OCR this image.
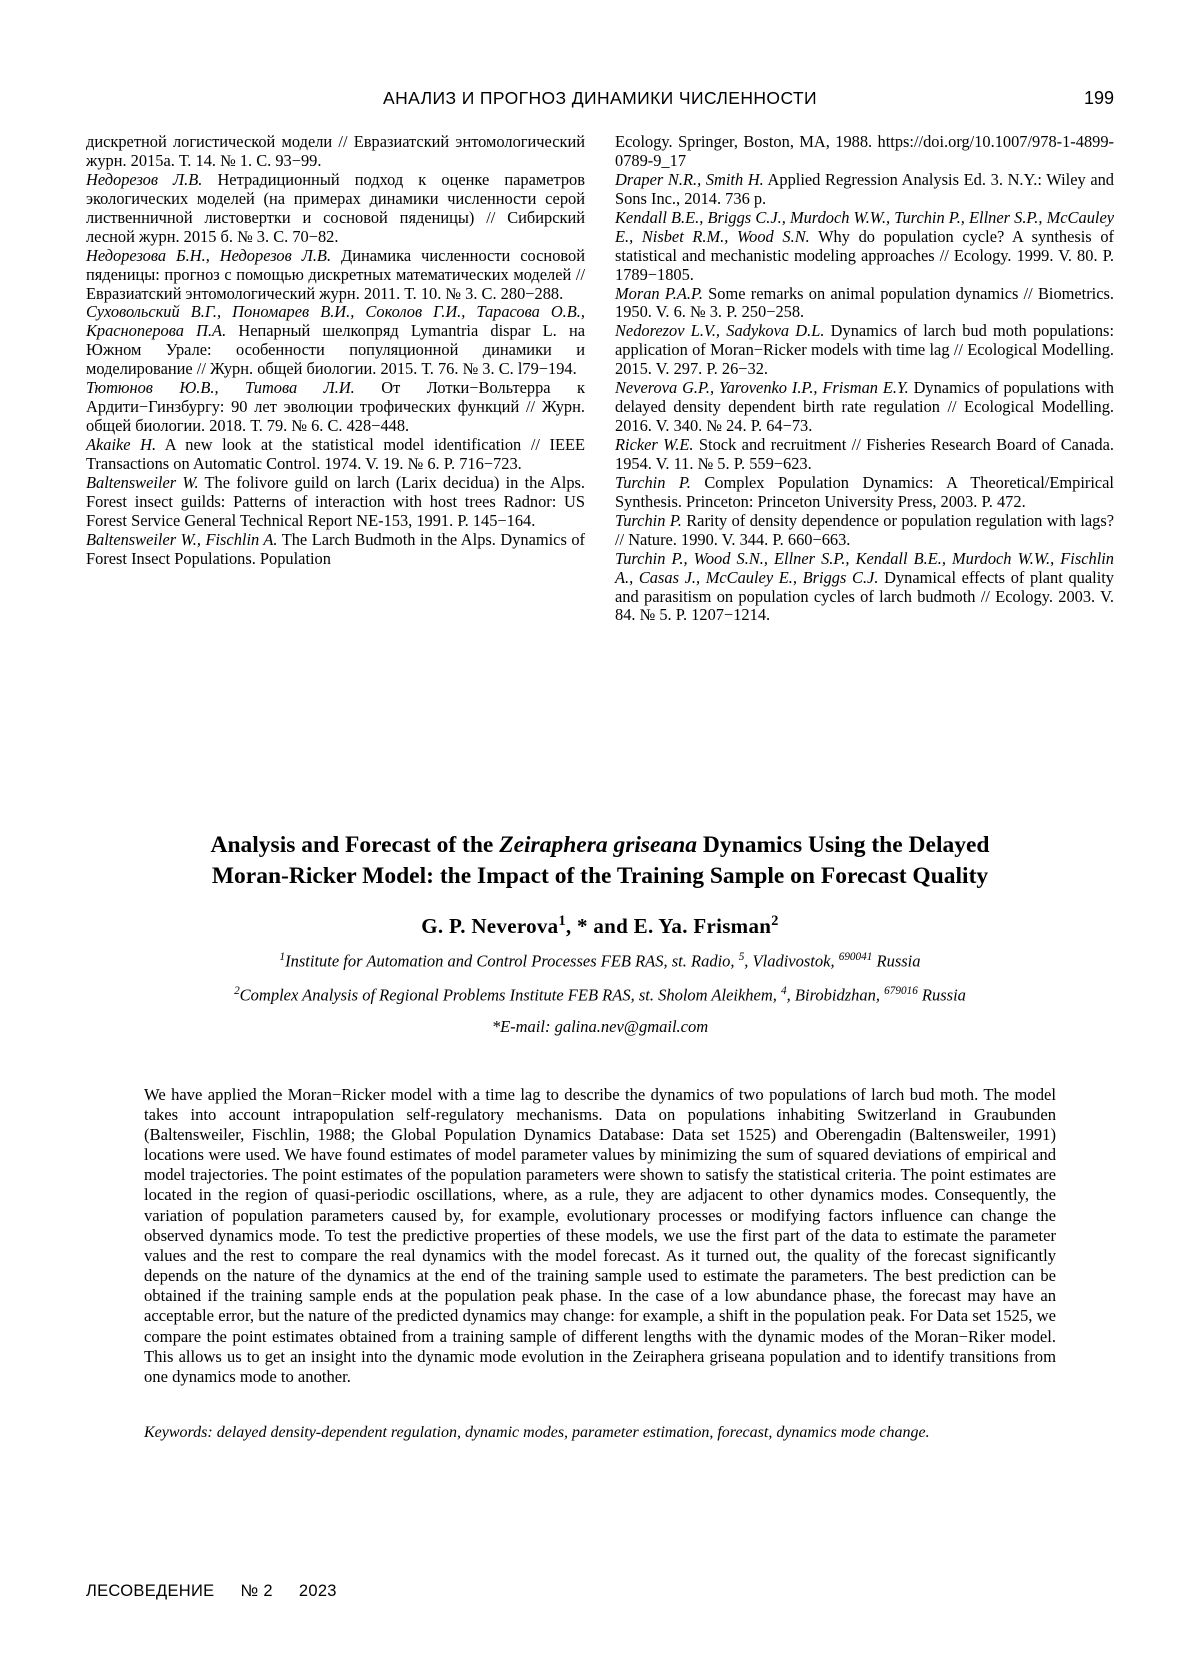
АНАЛИЗ И ПРОГНОЗ ДИНАМИКИ ЧИСЛЕННОСТИ	199

дискретной логистической модели // Евразиатский энтомологический журн. 2015а. Т. 14. № 1. С. 93−99.

Недорезов Л.В. Нетрадиционный подход к оценке параметров экологических моделей (на примерах динамики численности серой лиственничной листовертки и сосновой пяденицы) // Сибирский лесной журн. 2015 б. № 3. С. 70−82.

Недорезова Б.Н., Недорезов Л.В. Динамика численности сосновой пяденицы: прогноз с помощью дискретных математических моделей // Евразиатский энтомологический журн. 2011. Т. 10. № 3. С. 280−288.

Суховольский В.Г., Пономарев В.И., Соколов Г.И., Тарасова О.В., Красноперова П.А. Непарный шелкопряд Lymantria dispar L. на Южном Урале: особенности популяционной динамики и моделирование // Журн. общей биологии. 2015. Т. 76. № 3. С. l79−194.

Тютюнов Ю.В., Титова Л.И. От Лотки−Вольтерра к Ардити−Гинзбургу: 90 лет эволюции трофических функций // Журн. общей биологии. 2018. Т. 79. № 6. С. 428−448.

Akaike H. A new look at the statistical model identification // IEEE Transactions on Automatic Control. 1974. V. 19. № 6. P. 716−723.

Baltensweiler W. The folivore guild on larch (Larix decidua) in the Alps. Forest insect guilds: Patterns of interaction with host trees Radnor: US Forest Service General Technical Report NE-153, 1991. P. 145−164.

Baltensweiler W., Fischlin A. The Larch Budmoth in the Alps. Dynamics of Forest Insect Populations. Population

Ecology. Springer, Boston, MA, 1988. https://doi.org/10.1007/978-1-4899-0789-9_17

Draper N.R., Smith H. Applied Regression Analysis Ed. 3. N.Y.: Wiley and Sons Inc., 2014. 736 p.

Kendall B.E., Briggs C.J., Murdoch W.W., Turchin P., Ellner S.P., McCauley E., Nisbet R.M., Wood S.N. Why do population cycle? A synthesis of statistical and mechanistic modeling approaches // Ecology. 1999. V. 80. P. 1789−1805.

Moran P.A.P. Some remarks on animal population dynamics // Biometrics. 1950. V. 6. № 3. P. 250−258.

Nedorezov L.V., Sadykova D.L. Dynamics of larch bud moth populations: application of Moran−Ricker models with time lag // Ecological Modelling. 2015. V. 297. P. 26−32.

Neverova G.P., Yarovenko I.P., Frisman E.Y. Dynamics of populations with delayed density dependent birth rate regulation // Ecological Modelling. 2016. V. 340. № 24. P. 64−73.

Ricker W.E. Stock and recruitment // Fisheries Research Board of Canada. 1954. V. 11. № 5. P. 559−623.

Turchin P. Complex Population Dynamics: A Theoretical/Empirical Synthesis. Princeton: Princeton University Press, 2003. P. 472.

Turchin P. Rarity of density dependence or population regulation with lags? // Nature. 1990. V. 344. P. 660−663.

Turchin P., Wood S.N., Ellner S.P., Kendall B.E., Murdoch W.W., Fischlin A., Casas J., McCauley E., Briggs C.J. Dynamical effects of plant quality and parasitism on population cycles of larch budmoth // Ecology. 2003. V. 84. № 5. P. 1207−1214.

Analysis and Forecast of the Zeiraphera griseana Dynamics Using the Delayed
Moran-Ricker Model: the Impact of the Training Sample on Forecast Quality
G. P. Neverova$^1$, * and E. Ya. Frisman$^2$
$^1$Institute for Automation and Control Processes FEB RAS, st. Radio, $^5$, Vladivostok, $^{690041}$ Russia
$^2$Complex Analysis of Regional Problems Institute FEB RAS, st. Sholom Aleikhem, $^4$, Birobidzhan, $^{679016}$ Russia
*E-mail: galina.nev@gmail.com
We have applied the Moran−Ricker model with a time lag to describe the dynamics of two populations of larch bud moth. The model takes into account intrapopulation self-regulatory mechanisms. Data on populations inhabiting Switzerland in Graubunden (Baltensweiler, Fischlin, 1988; the Global Population Dynamics Database: Data set 1525) and Oberengadin (Baltensweiler, 1991) locations were used. We have found estimates of model parameter values by minimizing the sum of squared deviations of empirical and model trajectories. The point estimates of the population parameters were shown to satisfy the statistical criteria. The point estimates are located in the region of quasi-periodic oscillations, where, as a rule, they are adjacent to other dynamics modes. Consequently, the variation of population parameters caused by, for example, evolutionary processes or modifying factors influence can change the observed dynamics mode. To test the predictive properties of these models, we use the first part of the data to estimate the parameter values and the rest to compare the real dynamics with the model forecast. As it turned out, the quality of the forecast significantly depends on the nature of the dynamics at the end of the training sample used to estimate the parameters. The best prediction can be obtained if the training sample ends at the population peak phase. In the case of a low abundance phase, the forecast may have an acceptable error, but the nature of the predicted dynamics may change: for example, a shift in the population peak. For Data set 1525, we compare the point estimates obtained from a training sample of different lengths with the dynamic modes of the Moran−Riker model. This allows us to get an insight into the dynamic mode evolution in the Zeiraphera griseana population and to identify transitions from one dynamics mode to another.
Keywords: delayed density-dependent regulation, dynamic modes, parameter estimation, forecast, dynamics mode change.
ЛЕСОВЕДЕНИЕ № 2 2023
